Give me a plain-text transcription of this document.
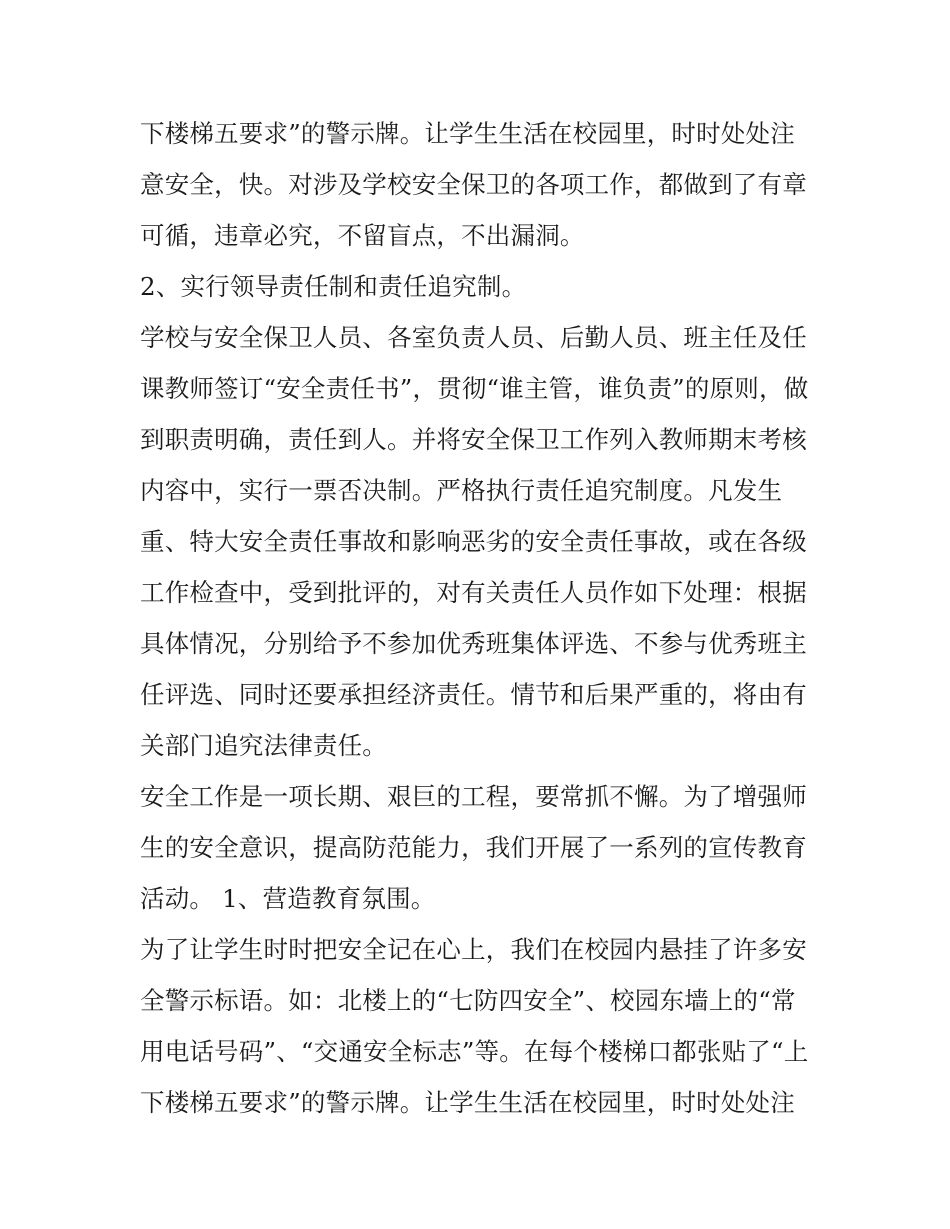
下楼梯五要求”的警示牌。让学生生活在校园里，时时处处注
意安全，快。对涉及学校安全保卫的各项工作，都做到了有章
可循，违章必究，不留盲点，不出漏洞。
2、实行领导责任制和责任追究制。
学校与安全保卫人员、各室负责人员、后勤人员、班主任及任
课教师签订“安全责任书”，贯彻“谁主管，谁负责”的原则，做
到职责明确，责任到人。并将安全保卫工作列入教师期末考核
内容中，实行一票否决制。严格执行责任追究制度。凡发生
重、特大安全责任事故和影响恶劣的安全责任事故，或在各级
工作检查中，受到批评的，对有关责任人员作如下处理：根据
具体情况，分别给予不参加优秀班集体评选、不参与优秀班主
任评选、同时还要承担经济责任。情节和后果严重的，将由有
关部门追究法律责任。
安全工作是一项长期、艰巨的工程，要常抓不懈。为了增强师
生的安全意识，提高防范能力，我们开展了一系列的宣传教育
活动。 1、营造教育氛围。
为了让学生时时把安全记在心上，我们在校园内悬挂了许多安
全警示标语。如：北楼上的“七防四安全”、校园东墙上的“常
用电话号码”、“交通安全标志”等。在每个楼梯口都张贴了“上
下楼梯五要求”的警示牌。让学生生活在校园里，时时处处注
